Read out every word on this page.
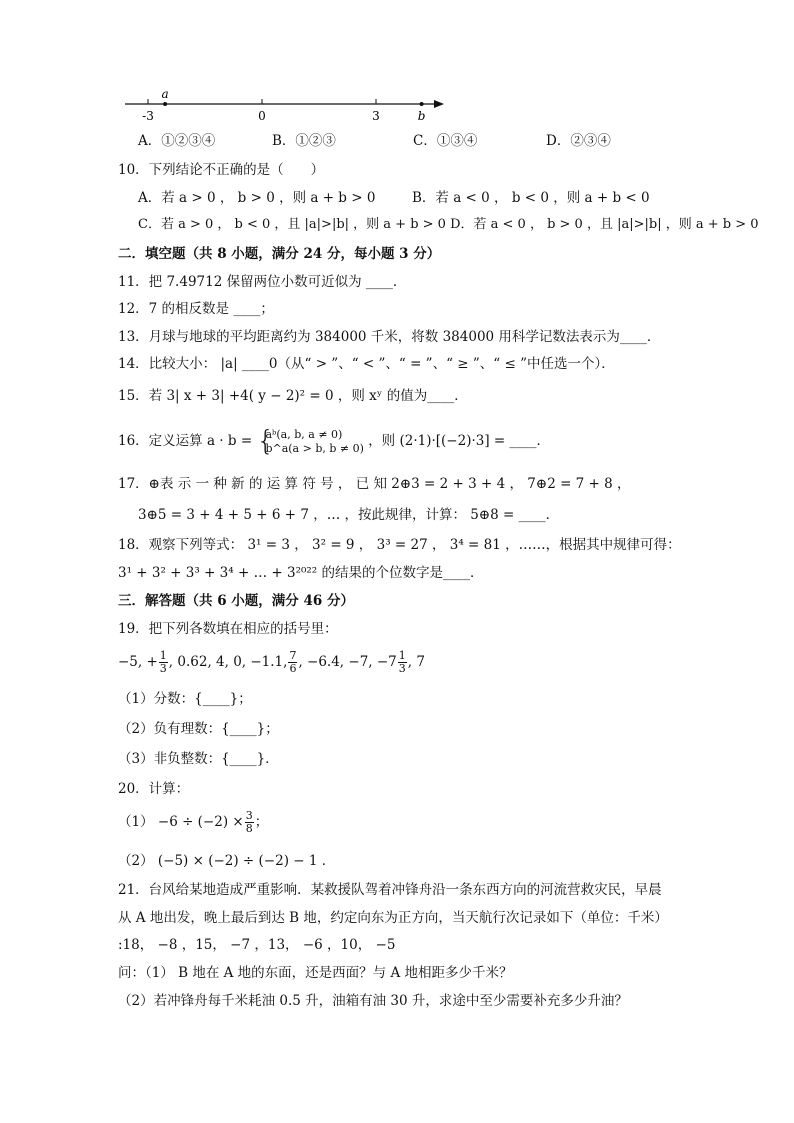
-3
a
0	3	b
A．①②③④	B．①②③	C．①③④	D．②③④
10．下列结论不正确的是（　　）
A．若 a > 0 ， b > 0 ，则 a + b > 0	B．若 a < 0 ， b < 0 ，则 a + b < 0
C．若 a > 0 ， b < 0 ，且 |a|>|b| ，则 a + b > 0 D．若 a < 0 ， b > 0 ，且 |a|>|b| ，则 a + b > 0
二．填空题（共 8 小题，满分 24 分，每小题 3 分）
11．把 7.49712 保留两位小数可近似为 ____．
12．7 的相反数是 ____；
13．月球与地球的平均距离约为 384000 千米，将数 384000 用科学记数法表示为____．
14．比较大小： |a| ____0（从“ > ”、“ < ”、“ = ”、“ ≥ ”、“ ≤ ”中任选一个）．
15．若 3| x + 3| +4( y − 2)² = 0 ，则 xʸ 的值为____．
16．定义运算 a · b = {
aᵇ(a, b, a ≠ 0)
b^a(a > b, b ≠ 0) ，则 (2·1)·[(−2)·3] = ____．
17．⊕表 示 一 种 新 的 运 算 符 号 ， 已 知 2⊕3 = 2 + 3 + 4 ， 7⊕2 = 7 + 8 ，
3⊕5 = 3 + 4 + 5 + 6 + 7 ，… ，按此规律，计算： 5⊕8 = ____．
18．观察下列等式： 3¹ = 3 ， 3² = 9 ， 3³ = 27 ， 3⁴ = 81 ，……，根据其中规律可得：
3¹ + 3² + 3³ + 3⁴ + … + 3²⁰²² 的结果的个位数字是____．
三．解答题（共 6 小题，满分 46 分）
19．把下列各数填在相应的括号里：
−5, + $\frac{1}{3}$ , 0.62, 4, 0, −1.1, $\frac{7}{6}$ , −6.4, −7, $-7 \frac{1}{3}$ , 7
（1）分数：{____}；
（2）负有理数：{____}；
（3）非负整数：{____}．
20．计算：
$(1) -6 \div (-2) \times \frac{3}{8}$ ；
（2） (−5) × (−2) ÷ (−2) − 1 ．
21．台风给某地造成严重影响．某救援队驾着冲锋舟沿一条东西方向的河流营救灾民，早晨
从 A 地出发，晚上最后到达 B 地，约定向东为正方向，当天航行次记录如下（单位：千米）
:18， −8 ，15， −7 ，13， −6 ，10， −5
问：（1） B 地在 A 地的东面，还是西面？与 A 地相距多少千米？
（2）若冲锋舟每千米耗油 0.5 升，油箱有油 30 升，求途中至少需要补充多少升油？
